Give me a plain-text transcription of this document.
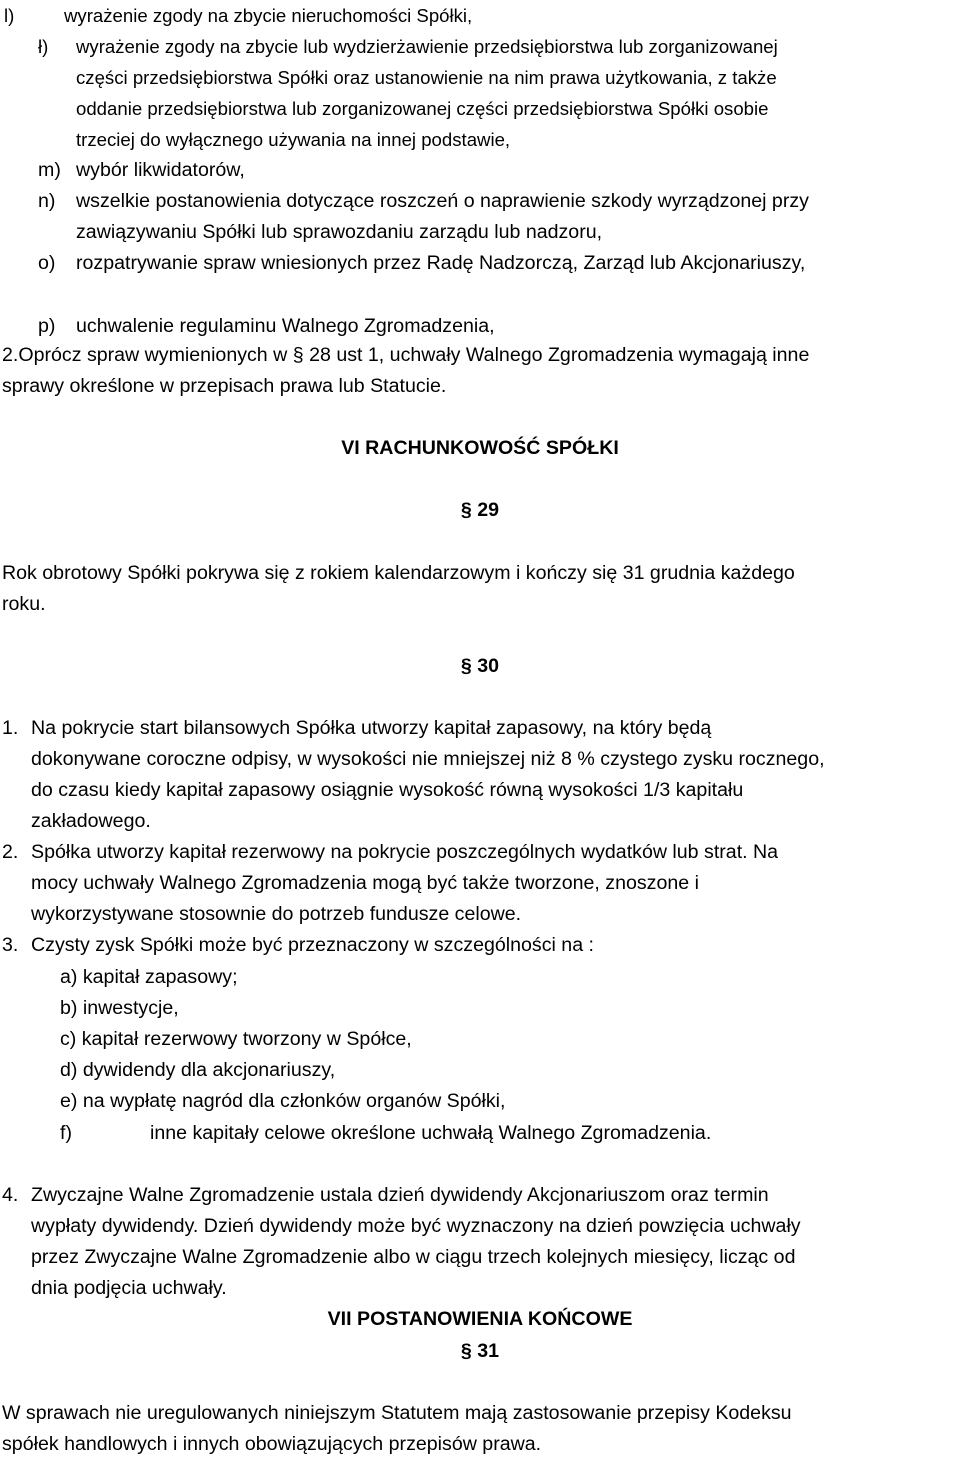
l)	wyrażenie zgody na zbycie nieruchomości Spółki,
ł) wyrażenie zgody na zbycie lub wydzierżawienie przedsiębiorstwa lub zorganizowanej
części przedsiębiorstwa Spółki oraz ustanowienie na nim prawa użytkowania, z także
oddanie przedsiębiorstwa lub zorganizowanej części przedsiębiorstwa Spółki osobie
trzeciej do wyłącznego używania na innej podstawie,
m) wybór likwidatorów,
n) wszelkie postanowienia dotyczące roszczeń o naprawienie szkody wyrządzonej przy
zawiązywaniu Spółki lub sprawozdaniu zarządu lub nadzoru,
o) rozpatrywanie spraw wniesionych przez Radę Nadzorczą, Zarząd lub Akcjonariuszy,
p) uchwalenie regulaminu Walnego Zgromadzenia,
2.Oprócz spraw wymienionych w § 28 ust 1, uchwały Walnego Zgromadzenia wymagają inne
sprawy określone w przepisach prawa lub Statucie.
VI RACHUNKOWOŚĆ SPÓŁKI
§ 29
Rok obrotowy Spółki pokrywa się z rokiem kalendarzowym i kończy się 31 grudnia każdego
roku.
§ 30
1. Na pokrycie start bilansowych Spółka utworzy kapitał zapasowy, na który będą
dokonywane coroczne odpisy, w wysokości nie mniejszej niż 8 % czystego zysku rocznego,
do czasu kiedy kapitał zapasowy osiągnie wysokość równą wysokości 1/3 kapitału
zakładowego.
2. Spółka utworzy kapitał rezerwowy na pokrycie poszczególnych wydatków lub strat. Na
mocy uchwały Walnego Zgromadzenia mogą być także tworzone, znoszone i
wykorzystywane stosownie do potrzeb fundusze celowe.
3. Czysty zysk Spółki może być przeznaczony w szczególności na :
a) kapitał zapasowy;
b) inwestycje,
c) kapitał rezerwowy tworzony w Spółce,
d) dywidendy dla akcjonariuszy,
e) na wypłatę nagród dla członków organów Spółki,
f)	inne kapitały celowe określone uchwałą Walnego Zgromadzenia.
4. Zwyczajne Walne Zgromadzenie ustala dzień dywidendy Akcjonariuszom oraz termin
wypłaty dywidendy. Dzień dywidendy może być wyznaczony na dzień powzięcia uchwały
przez Zwyczajne Walne Zgromadzenie albo w ciągu trzech kolejnych miesięcy, licząc od
dnia podjęcia uchwały.
VII POSTANOWIENIA KOŃCOWE
§ 31
W sprawach nie uregulowanych niniejszym Statutem mają zastosowanie przepisy Kodeksu
spółek handlowych i innych obowiązujących przepisów prawa.
